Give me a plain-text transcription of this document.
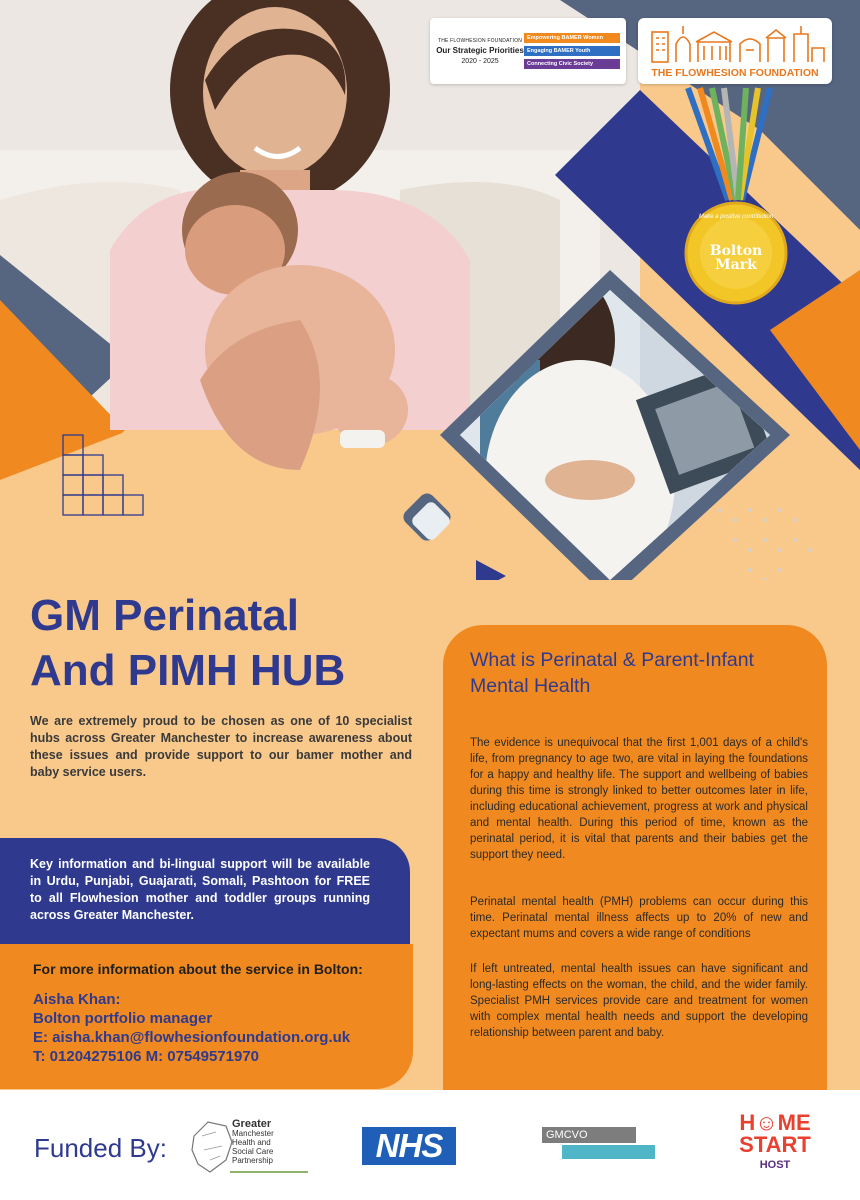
Bolton
Mark
Make a positive contribution
THE FLOWHESION FOUNDATION
Our Strategic Priorities
2020 - 2025
Empowering BAMER Women
Engaging BAMER Youth
Connecting Civic Society
THE FLOWHESION FOUNDATION
GM Perinatal
And PIMH HUB
We are extremely proud to be chosen as one of 10 specialist hubs across Greater Manchester to increase awareness about these issues and provide support to our bamer mother and baby service users.
Key information and bi-lingual support will be available in Urdu, Punjabi, Guajarati, Somali, Pashtoon for FREE to all Flowhesion mother and toddler groups running across Greater Manchester.
For more information about the service in Bolton:
Aisha Khan:
Bolton portfolio manager
E: aisha.khan@flowhesionfoundation.org.uk
T: 01204275106 M: 07549571970
What is Perinatal & Parent-Infant Mental Health
The evidence is unequivocal that the first 1,001 days of a child's life, from pregnancy to age two, are vital in laying the foundations for a happy and healthy life. The support and wellbeing of babies during this time is strongly linked to better outcomes later in life, including educational achievement, progress at work and physical and mental health. During this period of time, known as the perinatal period, it is vital that parents and their babies get the support they need.
Perinatal mental health (PMH) problems can occur during this time. Perinatal mental illness affects up to 20% of new and expectant mums and covers a wide range of conditions
If left untreated, mental health issues can have significant and long-lasting effects on the woman, the child, and the wider family. Specialist PMH services provide care and treatment for women with complex mental health needs and support the developing relationship between parent and baby.
Funded By:
Greater
Manchester
Health and
Social Care
Partnership	NHS	GMCVO	H☺ME
START
HOST
